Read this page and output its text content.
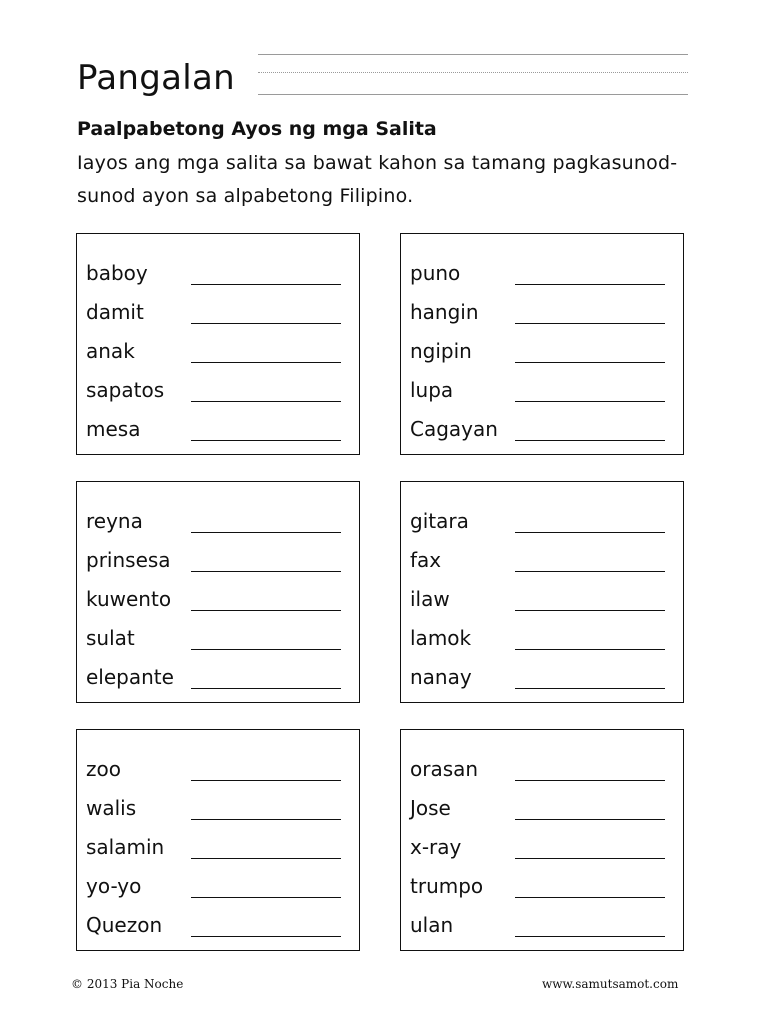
Pangalan
Paalpabetong Ayos ng mga Salita
Iayos ang mga salita sa bawat kahon sa tamang pagkasunod-sunod ayon sa alpabetong Filipino.
baboy
damit
anak
sapatos
mesa
puno
hangin
ngipin
lupa
Cagayan
reyna
prinsesa
kuwento
sulat
elepante
gitara
fax
ilaw
lamok
nanay
zoo
walis
salamin
yo-yo
Quezon
orasan
Jose
x-ray
trumpo
ulan
© 2013 Pia Noche	www.samutsamot.com
